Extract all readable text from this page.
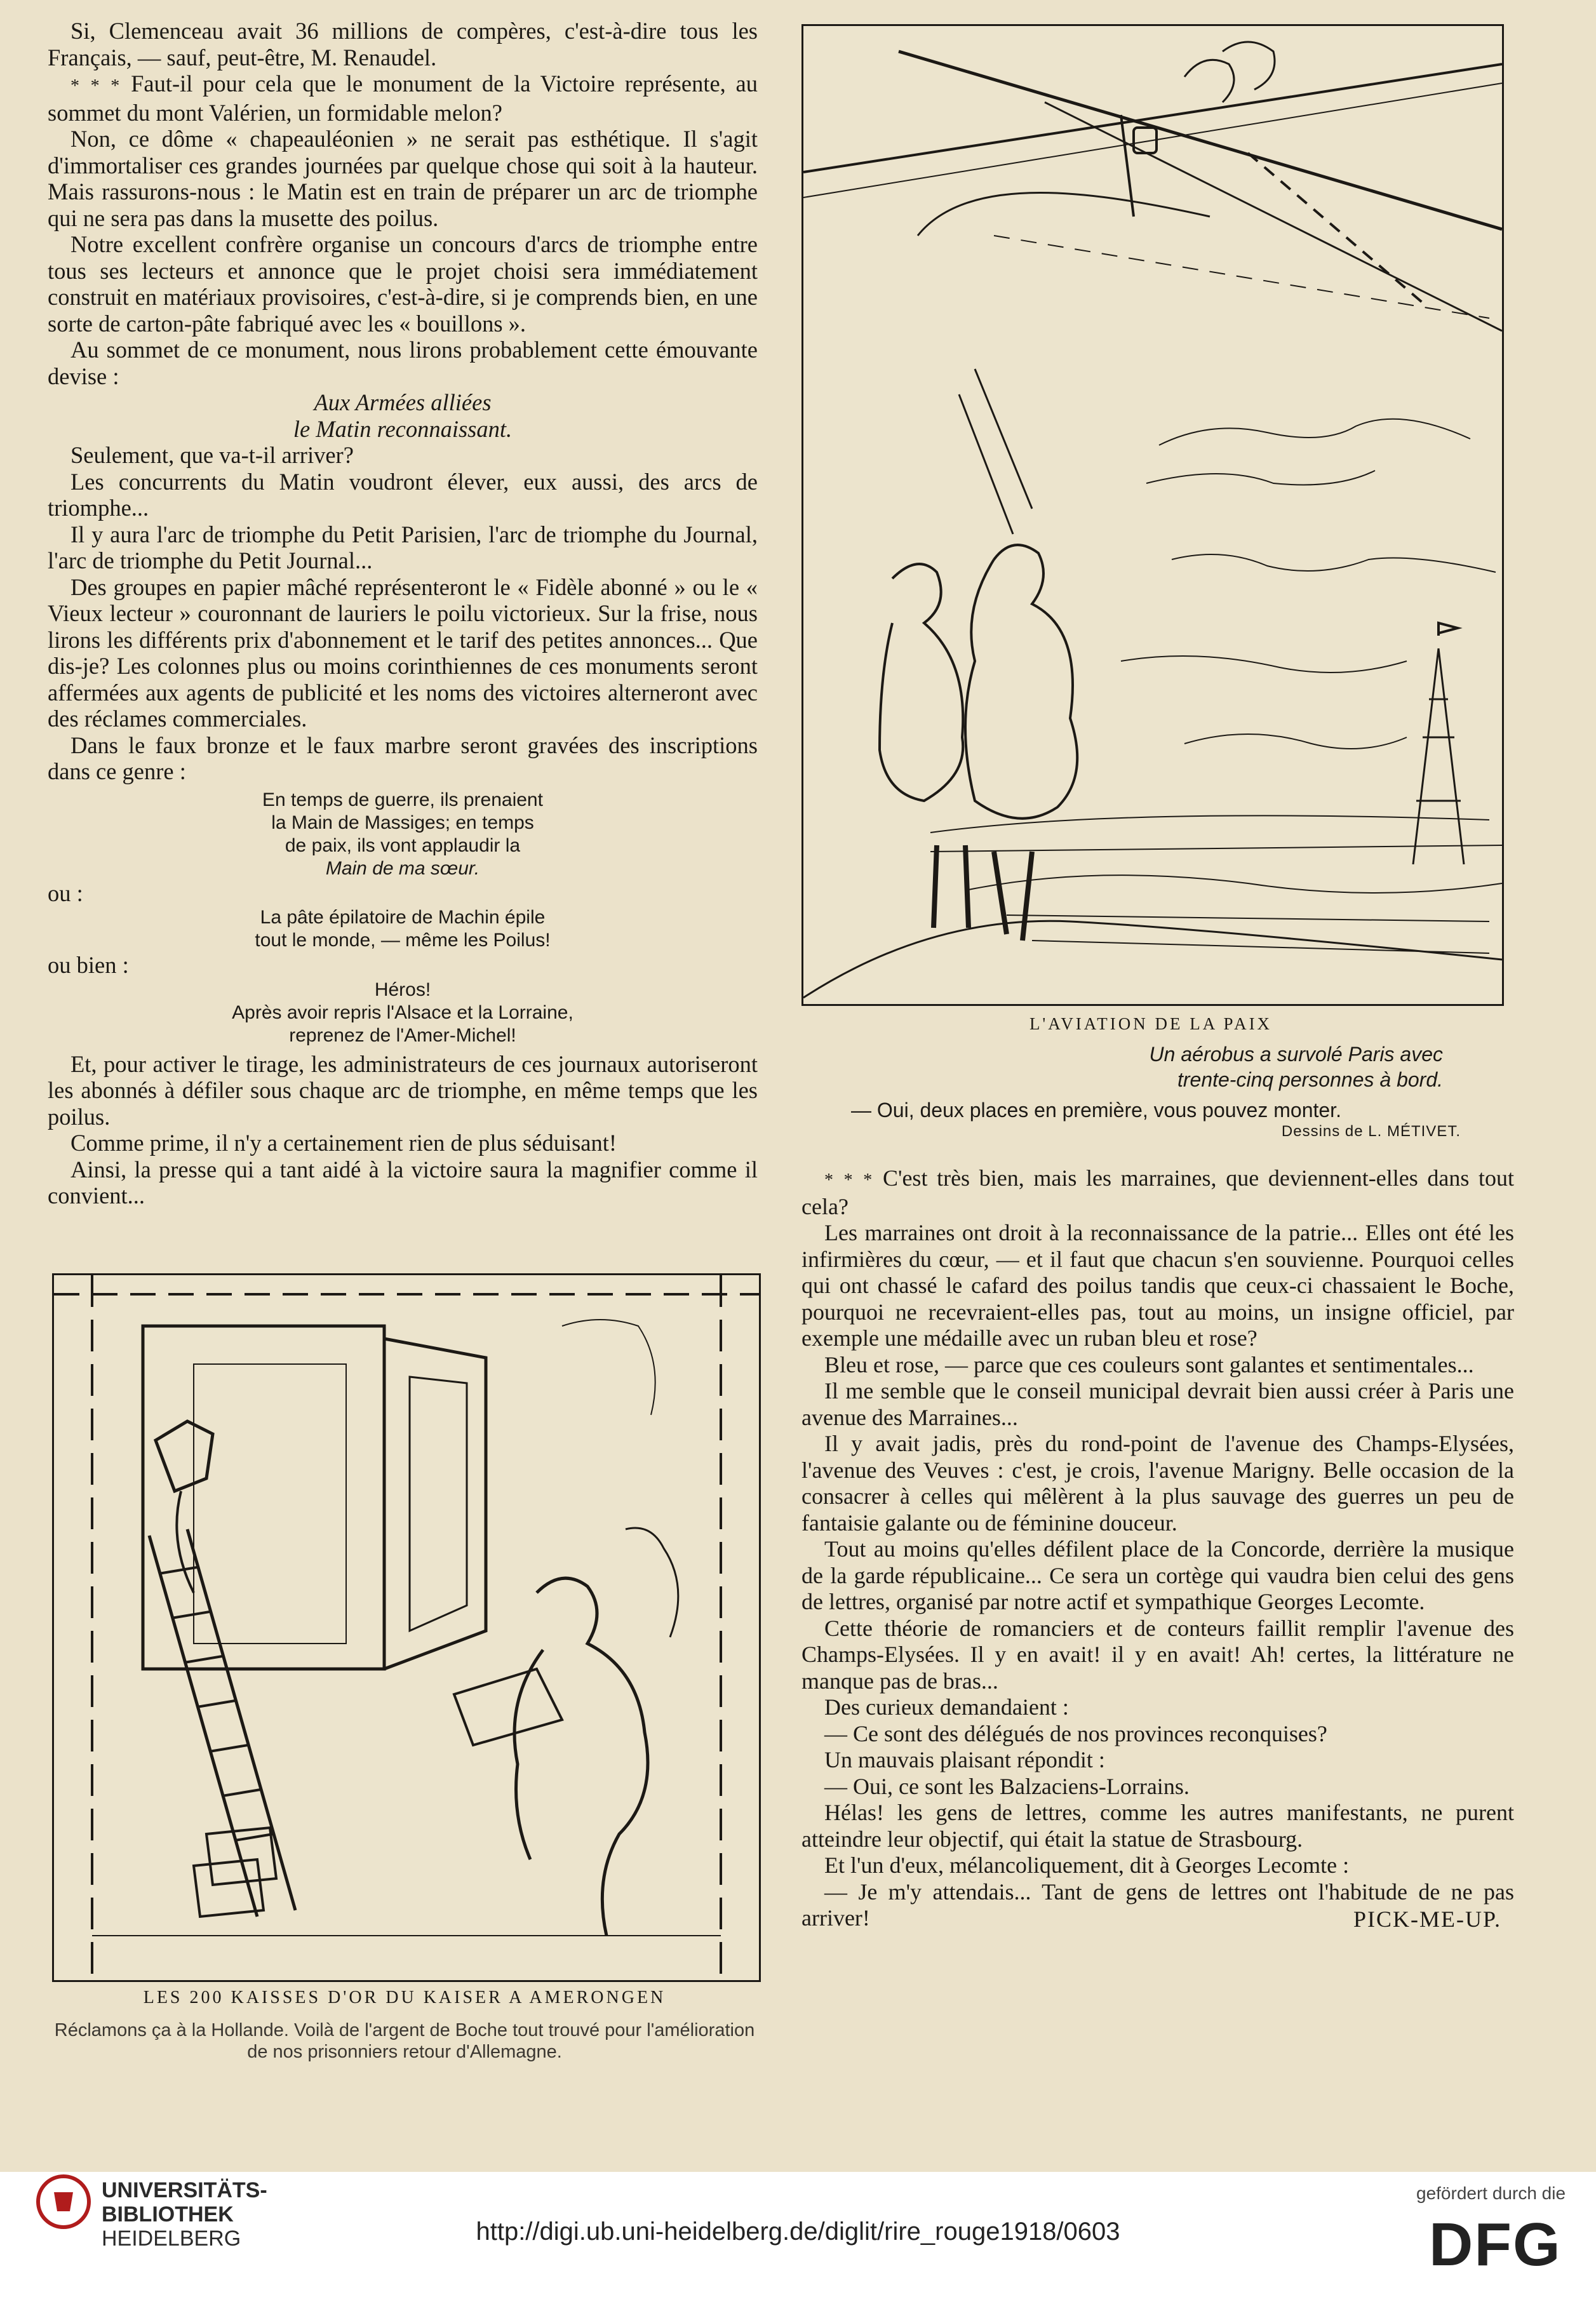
Si, Clemenceau avait 36 millions de compères, c'est-à-dire tous les Français, — sauf, peut-être, M. Renaudel.

* * * Faut-il pour cela que le monument de la Victoire représente, au sommet du mont Valérien, un formidable melon?

Non, ce dôme « chapeauléonien » ne serait pas esthétique. Il s'agit d'immortaliser ces grandes journées par quelque chose qui soit à la hauteur. Mais rassurons-nous : le Matin est en train de préparer un arc de triomphe qui ne sera pas dans la musette des poilus.

Notre excellent confrère organise un concours d'arcs de triomphe entre tous ses lecteurs et annonce que le projet choisi sera immédiatement construit en matériaux provisoires, c'est-à-dire, si je comprends bien, en une sorte de carton-pâte fabriqué avec les « bouillons ».

Au sommet de ce monument, nous lirons probablement cette émouvante devise :

Aux Armées alliées

le Matin reconnaissant.

Seulement, que va-t-il arriver?

Les concurrents du Matin voudront élever, eux aussi, des arcs de triomphe...

Il y aura l'arc de triomphe du Petit Parisien, l'arc de triomphe du Journal, l'arc de triomphe du Petit Journal...

Des groupes en papier mâché représenteront le « Fidèle abonné » ou le « Vieux lecteur » couronnant de lauriers le poilu victorieux. Sur la frise, nous lirons les différents prix d'abonnement et le tarif des petites annonces... Que dis-je? Les colonnes plus ou moins corinthiennes de ces monuments seront affermées aux agents de publicité et les noms des victoires alterneront avec des réclames commerciales.

Dans le faux bronze et le faux marbre seront gravées des inscriptions dans ce genre :

En temps de guerre, ils prenaient
la Main de Massiges; en temps
de paix, ils vont applaudir la
Main de ma sœur.
ou :
La pâte épilatoire de Machin épile
tout le monde, — même les Poilus!
ou bien :
Héros!
Après avoir repris l'Alsace et la Lorraine,
reprenez de l'Amer-Michel!

Et, pour activer le tirage, les administrateurs de ces journaux autoriseront les abonnés à défiler sous chaque arc de triomphe, en même temps que les poilus.

Comme prime, il n'y a certainement rien de plus séduisant!

Ainsi, la presse qui a tant aidé à la victoire saura la magnifier comme il convient...

L'AVIATION DE LA PAIX
Un aérobus a survolé Paris avec
trente-cinq personnes à bord.
— Oui, deux places en première, vous pouvez monter.
Dessins de L. MÉTIVET.

* * * C'est très bien, mais les marraines, que deviennent-elles dans tout cela?

Les marraines ont droit à la reconnaissance de la patrie... Elles ont été les infirmières du cœur, — et il faut que chacun s'en souvienne. Pourquoi celles qui ont chassé le cafard des poilus tandis que ceux-ci chassaient le Boche, pourquoi ne recevraient-elles pas, tout au moins, un insigne officiel, par exemple une médaille avec un ruban bleu et rose?

Bleu et rose, — parce que ces couleurs sont galantes et sentimentales...

Il me semble que le conseil municipal devrait bien aussi créer à Paris une avenue des Marraines...

Il y avait jadis, près du rond-point de l'avenue des Champs-Elysées, l'avenue des Veuves : c'est, je crois, l'avenue Marigny. Belle occasion de la consacrer à celles qui mêlèrent à la plus sauvage des guerres un peu de fantaisie galante ou de féminine douceur.

Tout au moins qu'elles défilent place de la Concorde, derrière la musique de la garde républicaine... Ce sera un cortège qui vaudra bien celui des gens de lettres, organisé par notre actif et sympathique Georges Lecomte.

Cette théorie de romanciers et de conteurs faillit remplir l'avenue des Champs-Elysées. Il y en avait! il y en avait! Ah! certes, la littérature ne manque pas de bras...

Des curieux demandaient :

— Ce sont des délégués de nos provinces reconquises?

Un mauvais plaisant répondit :

— Oui, ce sont les Balzaciens-Lorrains.

Hélas! les gens de lettres, comme les autres manifestants, ne purent atteindre leur objectif, qui était la statue de Strasbourg.

Et l'un d'eux, mélancoliquement, dit à Georges Lecomte :

— Je m'y attendais... Tant de gens de lettres ont l'habitude de ne pas arriver!	PICK-ME-UP.
LES 200 KAISSES D'OR DU KAISER A AMERONGEN
Réclamons ça à la Hollande. Voilà de l'argent de Boche tout trouvé pour l'amélioration de nos prisonniers retour d'Allemagne.
UNIVERSITÄTS-
BIBLIOTHEK
HEIDELBERG	http://digi.ub.uni-heidelberg.de/diglit/rire_rouge1918/0603
gefördert durch die
DFG
